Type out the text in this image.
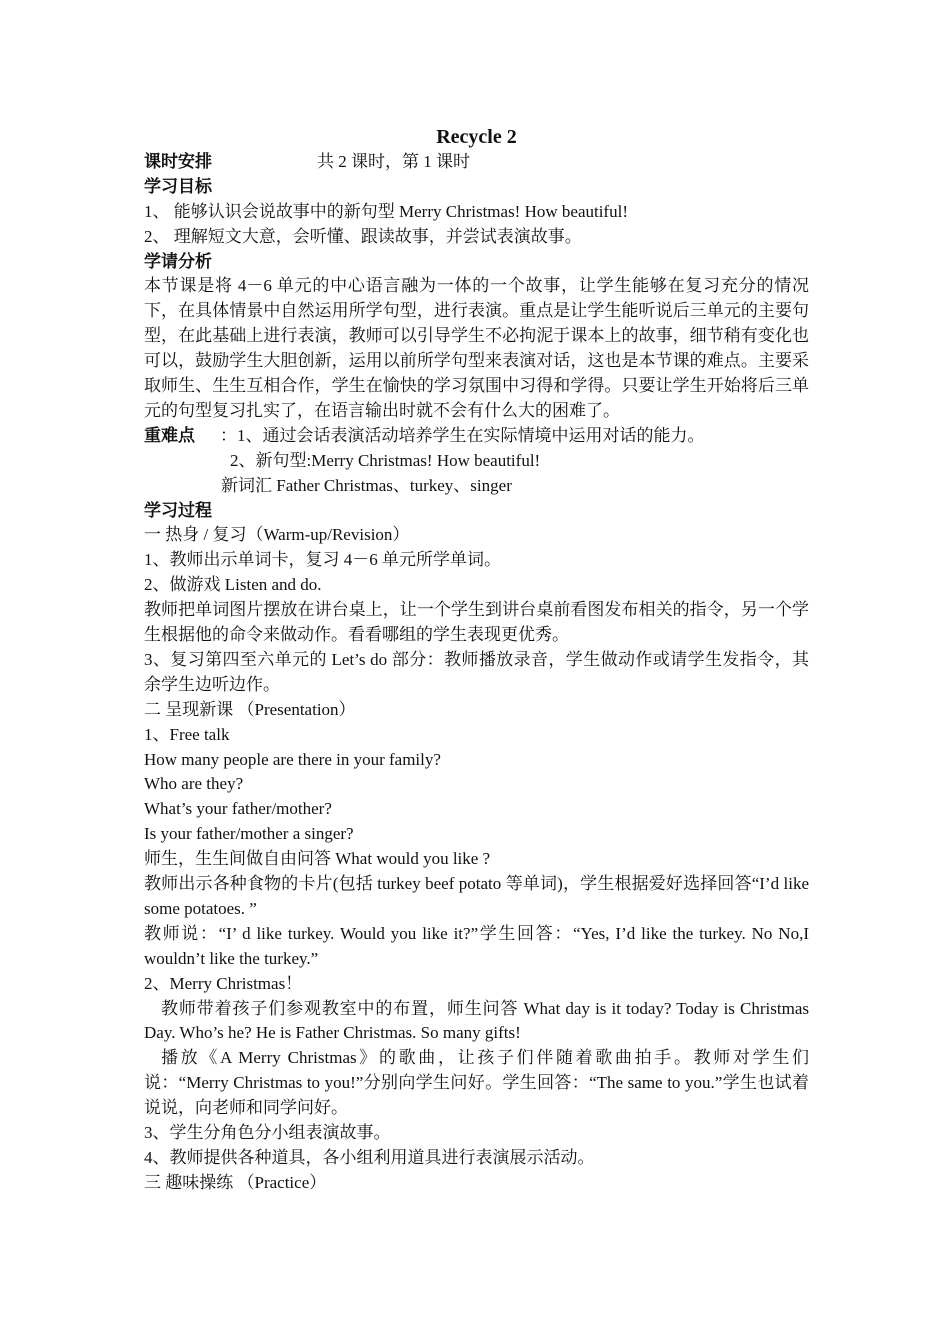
Recycle 2
课时安排	共 2 课时，第 1 课时
学习目标
1、 能够认识会说故事中的新句型 Merry Christmas! How beautiful!
2、 理解短文大意，会听懂、跟读故事，并尝试表演故事。
学请分析
本节课是将 4－6 单元的中心语言融为一体的一个故事，让学生能够在复习充分的情况下，在具体情景中自然运用所学句型，进行表演。重点是让学生能听说后三单元的主要句型，在此基础上进行表演，教师可以引导学生不必拘泥于课本上的故事，细节稍有变化也可以，鼓励学生大胆创新，运用以前所学句型来表演对话，这也是本节课的难点。主要采取师生、生生互相合作，学生在愉快的学习氛围中习得和学得。只要让学生开始将后三单元的句型复习扎实了，在语言输出时就不会有什么大的困难了。
重难点 ：1、通过会话表演活动培养学生在实际情境中运用对话的能力。
2、新句型:Merry Christmas! How beautiful!
新词汇 Father Christmas、turkey、singer
学习过程
一 热身 / 复习（Warm-up/Revision）
1、教师出示单词卡，复习 4－6 单元所学单词。
2、做游戏 Listen and do.
教师把单词图片摆放在讲台桌上，让一个学生到讲台桌前看图发布相关的指令，另一个学生根据他的命令来做动作。看看哪组的学生表现更优秀。
3、复习第四至六单元的 Let’s do 部分：教师播放录音，学生做动作或请学生发指令，其余学生边听边作。
二 呈现新课 （Presentation）
1、Free talk
How many people are there in your family?
Who are they?
What’s your father/mother?
Is your father/mother a singer?
师生，生生间做自由问答 What would you like ?
教师出示各种食物的卡片(包括 turkey beef potato 等单词)，学生根据爱好选择回答“I’d like some potatoes. ”
教师说：“I’ d like turkey. Would you like it?”学生回答：“Yes, I’d like the turkey. No No,I wouldn’t like the turkey.”
2、Merry Christmas！
教师带着孩子们参观教室中的布置，师生问答 What day is it today? Today is Christmas Day. Who’s he? He is Father Christmas. So many gifts!
播放《A Merry Christmas》的歌曲，让孩子们伴随着歌曲拍手。教师对学生们说：“Merry Christmas to you!”分别向学生问好。学生回答：“The same to you.”学生也试着说说，向老师和同学问好。
3、学生分角色分小组表演故事。
4、教师提供各种道具，各小组利用道具进行表演展示活动。
三 趣味操练 （Practice）
